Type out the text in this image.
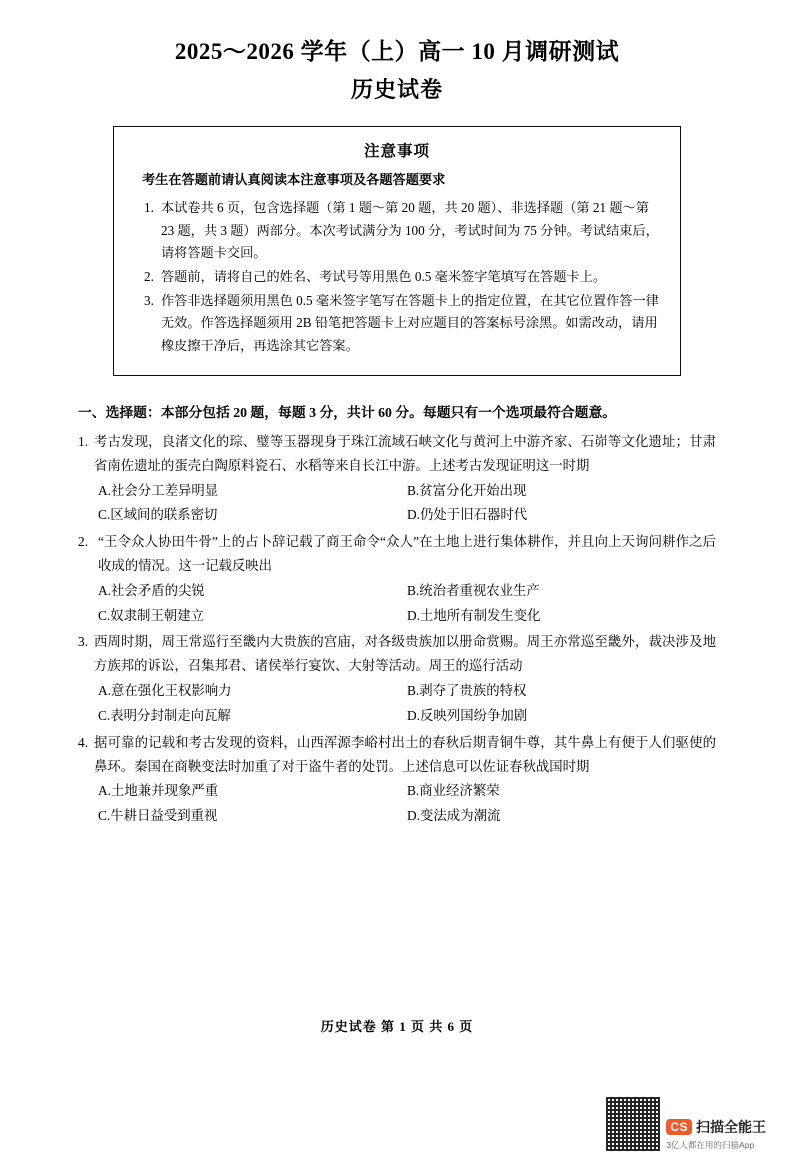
2025～2026 学年（上）高一 10 月调研测试
历史试卷
注意事项
考生在答题前请认真阅读本注意事项及各题答题要求
1. 本试卷共 6 页，包含选择题（第 1 题～第 20 题，共 20 题）、非选择题（第 21 题～第 23 题，共 3 题）两部分。本次考试满分为 100 分，考试时间为 75 分钟。考试结束后，请将答题卡交回。
2. 答题前，请将自己的姓名、考试号等用黑色 0.5 毫米签字笔填写在答题卡上。
3. 作答非选择题须用黑色 0.5 毫米签字笔写在答题卡上的指定位置，在其它位置作答一律无效。作答选择题须用 2B 铅笔把答题卡上对应题目的答案标号涂黑。如需改动，请用橡皮擦干净后，再选涂其它答案。
一、选择题：本部分包括 20 题，每题 3 分，共计 60 分。每题只有一个选项最符合题意。
1. 考古发现，良渚文化的琮、璧等玉器现身于珠江流域石峡文化与黄河上中游齐家、石峁等文化遗址；甘肃省南佐遗址的蛋壳白陶原料瓷石、水稻等来自长江中游。上述考古发现证明这一时期
A.社会分工差异明显	B.贫富分化开始出现
C.区域间的联系密切	D.仍处于旧石器时代
2. “王令众人协田牛骨”上的占卜辞记载了商王命令“众人”在土地上进行集体耕作，并且向上天询问耕作之后收成的情况。这一记载反映出
A.社会矛盾的尖锐	B.统治者重视农业生产
C.奴隶制王朝建立	D.土地所有制发生变化
3. 西周时期，周王常巡行至畿内大贵族的宫庙，对各级贵族加以册命赏赐。周王亦常巡至畿外，裁决涉及地方族邦的诉讼，召集邦君、诸侯举行宴饮、大射等活动。周王的巡行活动
A.意在强化王权影响力	B.剥夺了贵族的特权
C.表明分封制走向瓦解	D.反映列国纷争加剧
4. 据可靠的记载和考古发现的资料，山西浑源李峪村出土的春秋后期青铜牛尊，其牛鼻上有便于人们驱使的鼻环。秦国在商鞅变法时加重了对于盗牛者的处罚。上述信息可以佐证春秋战国时期
A.土地兼并现象严重	B.商业经济繁荣
C.牛耕日益受到重视	D.变法成为潮流
历史试卷 第 1 页 共 6 页
CS 扫描全能王
3亿人都在用的扫描App
